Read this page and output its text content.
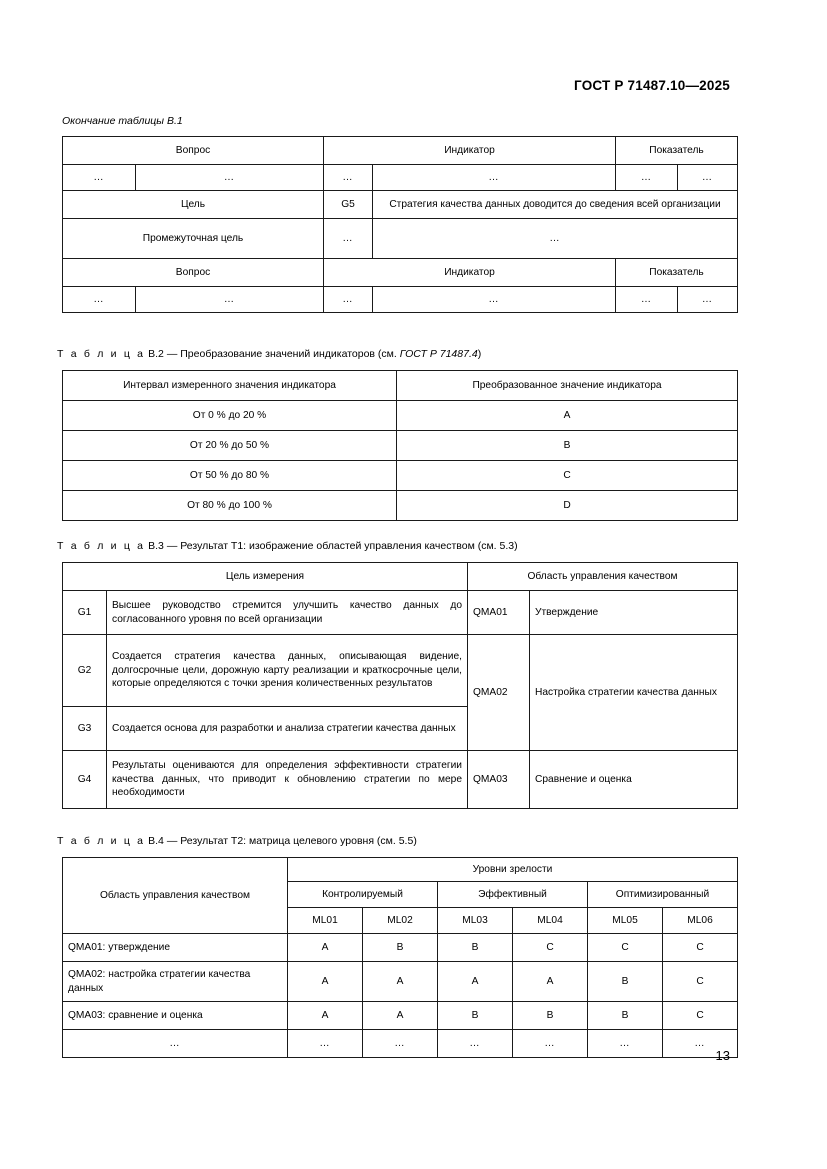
ГОСТ Р 71487.10—2025
Окончание таблицы В.1
Вопрос		Индикатор		Показатель	
…	…	…	…	…	…
Цель		G5	Стратегия качества данных доводится до сведения всей организации		
Промежуточная цель		…	…		
Вопрос		Индикатор		Показатель	
…	…	…	…	…	…
Т а б л и ц а В.2 — Преобразование значений индикаторов (см. ГОСТ Р 71487.4)
Интервал измеренного значения индикатора	Преобразованное значение индикатора
От 0 % до 20 %	A
От 20 % до 50 %	B
От 50 % до 80 %	C
От 80 % до 100 %	D
Т а б л и ц а В.3 — Результат Т1: изображение областей управления качеством (см. 5.3)
Цель измерения		Область управления качеством	
G1	Высшее руководство стремится улучшить качество данных до согласованного уровня по всей организации	QMA01	Утверждение
G2	Создается стратегия качества данных, описывающая видение, долгосрочные цели, дорожную карту реализации и краткосрочные цели, которые определяются с точки зрения количественных результатов	QMA02	Настройка стратегии качества данных
G3	Создается основа для разработки и анализа стратегии качества данных		
G4	Результаты оцениваются для определения эффективности стратегии качества данных, что приводит к обновлению стратегии по мере необходимости	QMA03	Сравнение и оценка
Т а б л и ц а В.4 — Результат Т2: матрица целевого уровня (см. 5.5)
Область управления качеством	Уровни зрелости					
	Контролируемый		Эффективный		Оптимизированный	
	ML01	ML02	ML03	ML04	ML05	ML06
QMA01: утверждение	A	B	B	C	C	C
QMA02: настройка стратегии качества данных	A	A	A	A	B	C
QMA03: сравнение и оценка	A	A	B	B	B	C
…	…	…	…	…	…	…
13
